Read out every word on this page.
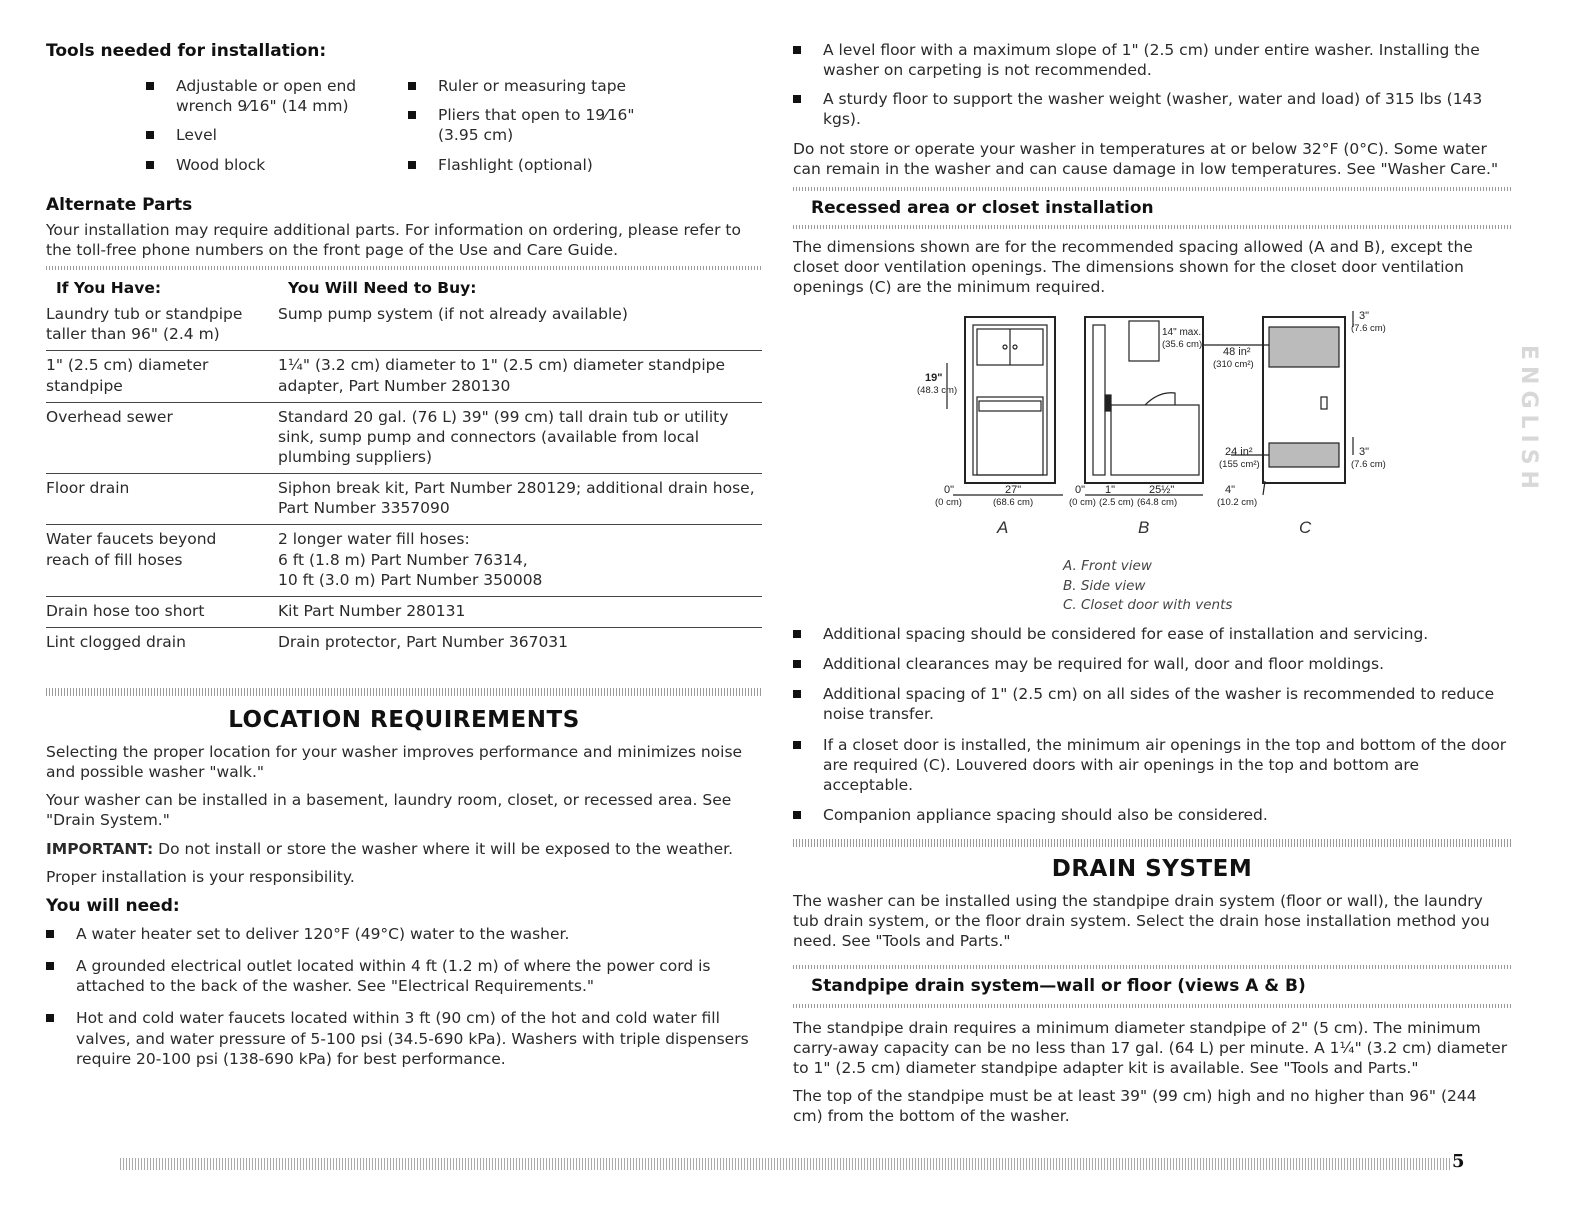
Tools needed for installation:
Adjustable or open end
wrench 9⁄16" (14 mm)
Level
Wood block
Ruler or measuring tape
Pliers that open to 19⁄16"
(3.95 cm)
Flashlight (optional)
Alternate Parts

Your installation may require additional parts. For information on ordering, please refer to the toll-free phone numbers on the front page of the Use and Care Guide.

If You Have:	You Will Need to Buy:

Laundry tub or standpipe
taller than 96" (2.4 m)	Sump pump system (if not already available)

1" (2.5 cm) diameter
standpipe	1¼" (3.2 cm) diameter to 1" (2.5 cm) diameter standpipe
adapter, Part Number 280130

Overhead sewer	Standard 20 gal. (76 L) 39" (99 cm) tall drain tub or utility
sink, sump pump and connectors (available from local
plumbing suppliers)

Floor drain	Siphon break kit, Part Number 280129; additional drain hose,
Part Number 3357090

Water faucets beyond
reach of fill hoses	2 longer water fill hoses:
6 ft (1.8 m) Part Number 76314,
10 ft (3.0 m) Part Number 350008

Drain hose too short	Kit Part Number 280131

Lint clogged drain	Drain protector, Part Number 367031
LOCATION REQUIREMENTS

Selecting the proper location for your washer improves performance and minimizes noise and possible washer "walk."

Your washer can be installed in a basement, laundry room, closet, or recessed area. See "Drain System."

IMPORTANT: Do not install or store the washer where it will be exposed to the weather.

Proper installation is your responsibility.

You will need:
A water heater set to deliver 120°F (49°C) water to the washer.
A grounded electrical outlet located within 4 ft (1.2 m) of where the power cord is attached to the back of the washer. See "Electrical Requirements."
Hot and cold water faucets located within 3 ft (90 cm) of the hot and cold water fill valves, and water pressure of 5-100 psi (34.5-690 kPa). Washers with triple dispensers require 20-100 psi (138-690 kPa) for best performance.
A level floor with a maximum slope of 1" (2.5 cm) under entire washer. Installing the washer on carpeting is not recommended.
A sturdy floor to support the washer weight (washer, water and load) of 315 lbs (143 kgs).

Do not store or operate your washer in temperatures at or below 32°F (0°C). Some water can remain in the washer and can cause damage in low temperatures. See "Washer Care."

Recessed area or closet installation

The dimensions shown are for the recommended spacing allowed (A and B), except the closet door ventilation openings. The dimensions shown for the closet door ventilation openings (C) are the minimum required.

19"
(48.3 cm)
0"
(0 cm)
27"
(68.6 cm)
0"
(0 cm)
1"
(2.5 cm)
25½"
(64.8 cm)
14" max.
(35.6 cm)
48 in²
(310 cm²)
24 in²
(155 cm²)
3"
(7.6 cm)
3"
(7.6 cm)
4"
(10.2 cm)
A	B	C
A. Front view
B. Side view
C. Closet door with vents
Additional spacing should be considered for ease of installation and servicing.
Additional clearances may be required for wall, door and floor moldings.
Additional spacing of 1" (2.5 cm) on all sides of the washer is recommended to reduce noise transfer.
If a closet door is installed, the minimum air openings in the top and bottom of the door are required (C). Louvered doors with air openings in the top and bottom are acceptable.
Companion appliance spacing should also be considered.
DRAIN SYSTEM

The washer can be installed using the standpipe drain system (floor or wall), the laundry tub drain system, or the floor drain system. Select the drain hose installation method you need. See "Tools and Parts."

Standpipe drain system—wall or floor (views A & B)

The standpipe drain requires a minimum diameter standpipe of 2" (5 cm). The minimum carry-away capacity can be no less than 17 gal. (64 L) per minute. A 1¼" (3.2 cm) diameter to 1" (2.5 cm) diameter standpipe adapter kit is available. See "Tools and Parts."

The top of the standpipe must be at least 39" (99 cm) high and no higher than 96" (244 cm) from the bottom of the washer.

ENGLISH
5
